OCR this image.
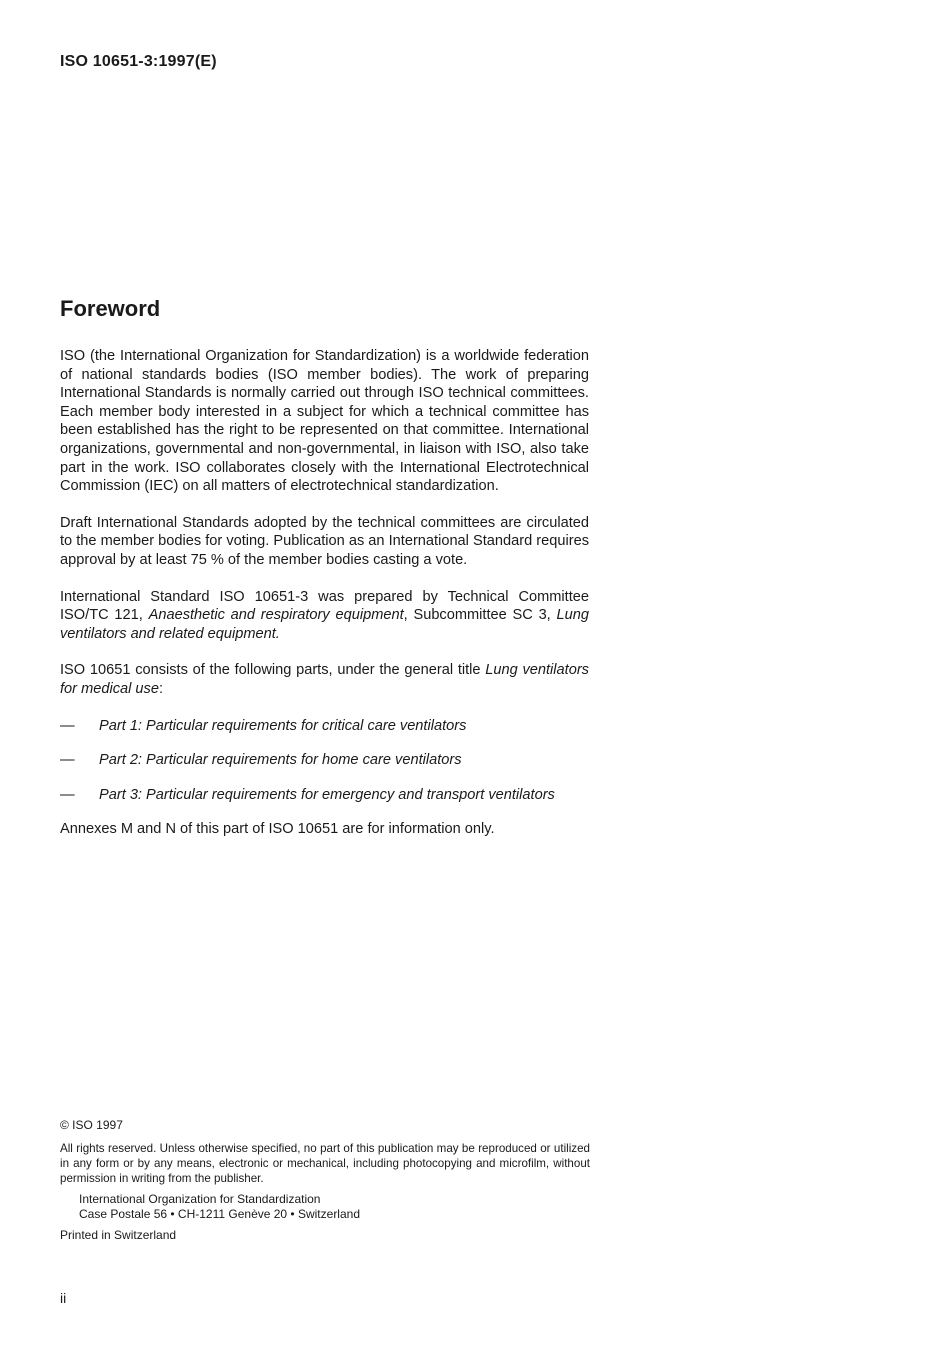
ISO 10651-3:1997(E)

Foreword

ISO (the International Organization for Standardization) is a worldwide federation of national standards bodies (ISO member bodies). The work of preparing International Standards is normally carried out through ISO technical committees. Each member body interested in a subject for which a technical committee has been established has the right to be represented on that committee. International organizations, governmental and non-governmental, in liaison with ISO, also take part in the work. ISO collaborates closely with the International Electrotechnical Commission (IEC) on all matters of electrotechnical standardization.

Draft International Standards adopted by the technical committees are circulated to the member bodies for voting. Publication as an International Standard requires approval by at least 75 % of the member bodies casting a vote.

International Standard ISO 10651-3 was prepared by Technical Committee ISO/TC 121, Anaesthetic and respiratory equipment, Subcommittee SC 3, Lung ventilators and related equipment.

ISO 10651 consists of the following parts, under the general title Lung ventilators for medical use:

—	Part 1: Particular requirements for critical care ventilators
—	Part 2: Particular requirements for home care ventilators
—	Part 3: Particular requirements for emergency and transport ventilators

Annexes M and N of this part of ISO 10651 are for information only.

© ISO 1997

All rights reserved. Unless otherwise specified, no part of this publication may be reproduced or utilized in any form or by any means, electronic or mechanical, including photocopying and microfilm, without permission in writing from the publisher.

International Organization for Standardization

Case Postale 56 • CH-1211 Genève 20 • Switzerland

Printed in Switzerland

ii
